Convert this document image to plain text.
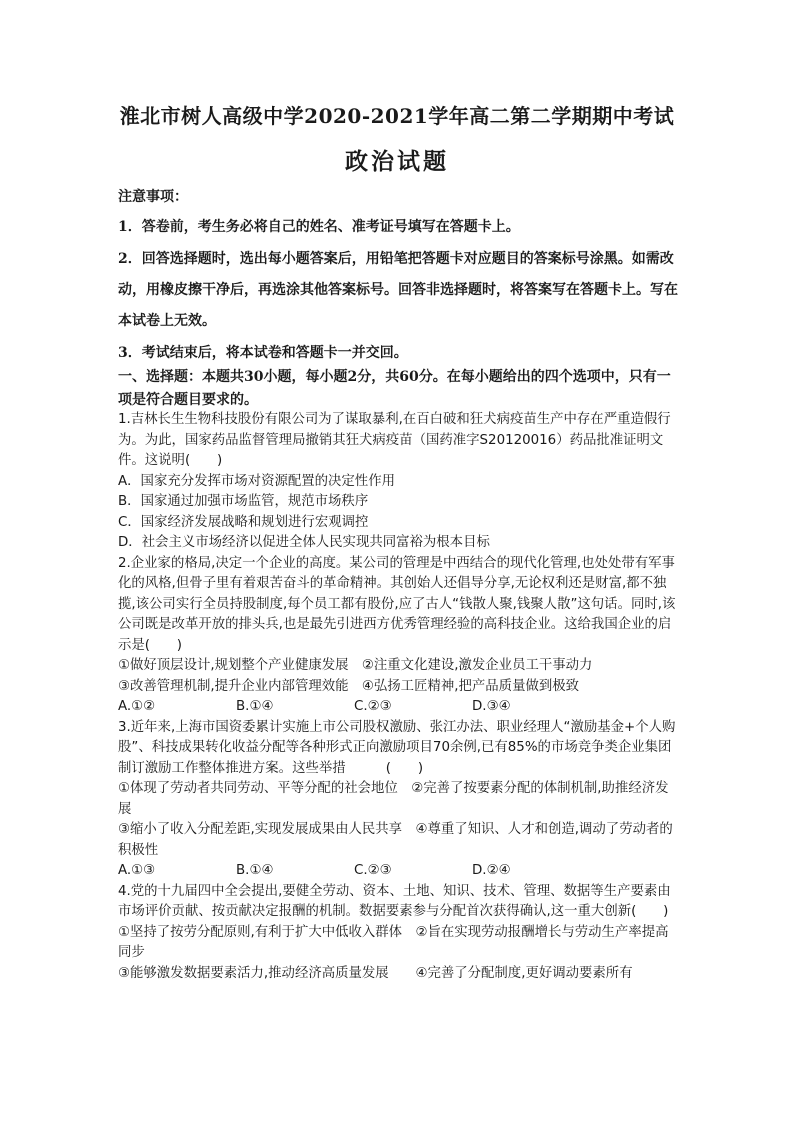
淮北市树人高级中学2020-2021学年高二第二学期期中考试
政治试题
注意事项：
1．答卷前，考生务必将自己的姓名、准考证号填写在答题卡上。
2．回答选择题时，选出每小题答案后，用铅笔把答题卡对应题目的答案标号涂黑。如需改动，用橡皮擦干净后，再选涂其他答案标号。回答非选择题时，将答案写在答题卡上。写在本试卷上无效。
3．考试结束后，将本试卷和答题卡一并交回。
一、选择题：本题共30小题，每小题2分，共60分。在每小题给出的四个选项中，只有一项是符合题目要求的。
1.吉林长生生物科技股份有限公司为了谋取暴利,在百白破和狂犬病疫苗生产中存在严重造假行为。为此，国家药品监督管理局撤销其狂犬病疫苗（国药准字S20120016）药品批准证明文件。这说明(　　)
A．国家充分发挥市场对资源配置的决定性作用
B．国家通过加强市场监管，规范市场秩序
C．国家经济发展战略和规划进行宏观调控
D．社会主义市场经济以促进全体人民实现共同富裕为根本目标
2.企业家的格局,决定一个企业的高度。某公司的管理是中西结合的现代化管理,也处处带有军事化的风格,但骨子里有着艰苦奋斗的革命精神。其创始人还倡导分享,无论权利还是财富,都不独揽,该公司实行全员持股制度,每个员工都有股份,应了古人“钱散人聚,钱聚人散”这句话。同时,该公司既是改革开放的排头兵,也是最先引进西方优秀管理经验的高科技企业。这给我国企业的启示是(　　)
①做好顶层设计,规划整个产业健康发展　②注重文化建设,激发企业员工干事动力
③改善管理机制,提升企业内部管理效能　④弘扬工匠精神,把产品质量做到极致
A.①②	B.①④	C.②③	D.③④
3.近年来,上海市国资委累计实施上市公司股权激励、张江办法、职业经理人“激励基金+个人购股”、科技成果转化收益分配等各种形式正向激励项目70余例,已有85%的市场竞争类企业集团制订激励工作整体推进方案。这些举措　　　(　　)
①体现了劳动者共同劳动、平等分配的社会地位　②完善了按要素分配的体制机制,助推经济发展
③缩小了收入分配差距,实现发展成果由人民共享　④尊重了知识、人才和创造,调动了劳动者的积极性
A.①③	B.①④	C.②③	D.②④
4.党的十九届四中全会提出,要健全劳动、资本、土地、知识、技术、管理、数据等生产要素由市场评价贡献、按贡献决定报酬的机制。数据要素参与分配首次获得确认,这一重大创新(　　)
①坚持了按劳分配原则,有利于扩大中低收入群体　②旨在实现劳动报酬增长与劳动生产率提高同步
③能够激发数据要素活力,推动经济高质量发展　　④完善了分配制度,更好调动要素所有
